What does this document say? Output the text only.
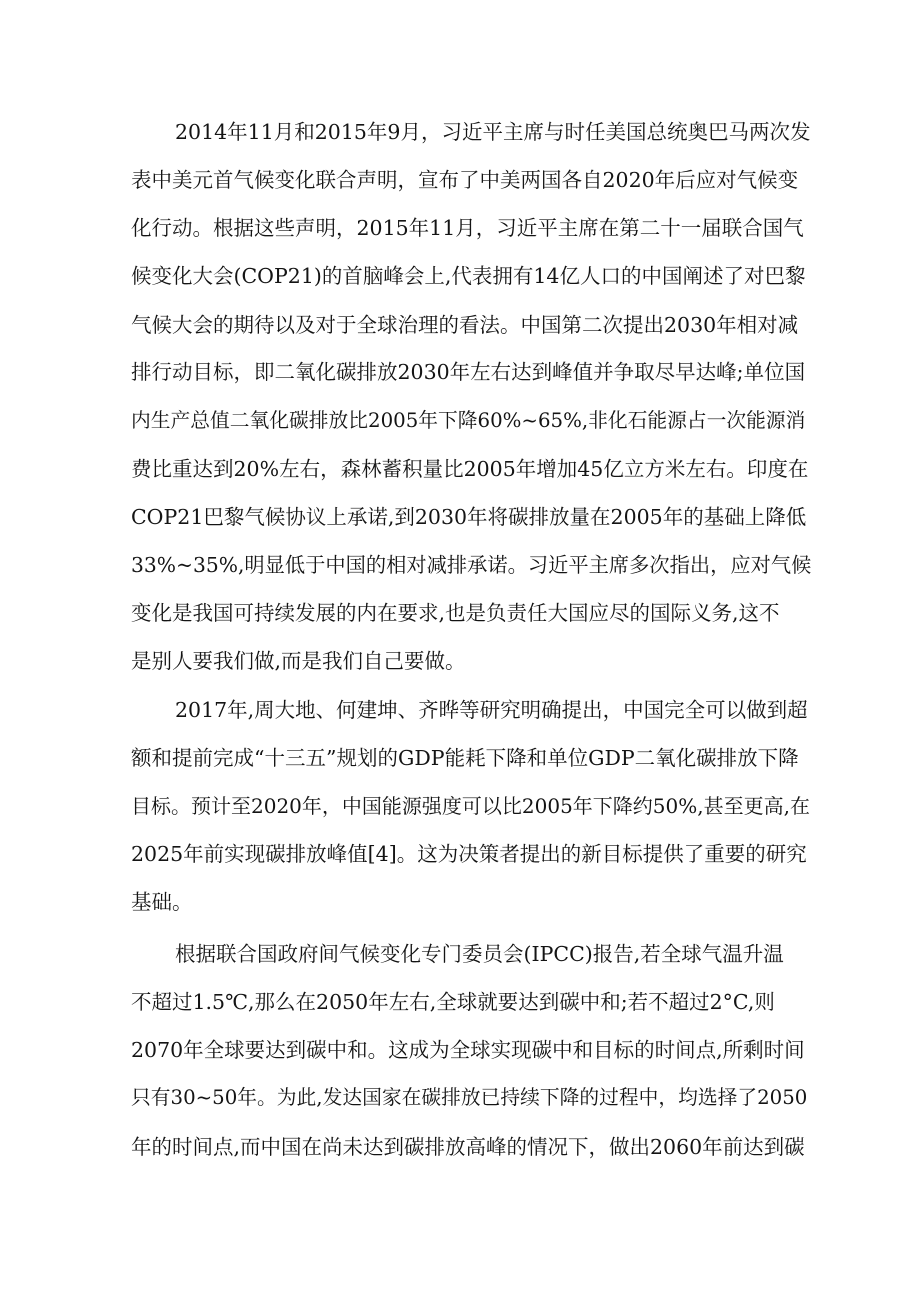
2014年11月和2015年9月，习近平主席与时任美国总统奥巴马两次发
表中美元首气候变化联合声明，宣布了中美两国各自2020年后应对气候变
化行动。根据这些声明，2015年11月，习近平主席在第二十一届联合国气
候变化大会(COP21)的首脑峰会上,代表拥有14亿人口的中国阐述了对巴黎
气候大会的期待以及对于全球治理的看法。中国第二次提出2030年相对减
排行动目标，即二氧化碳排放2030年左右达到峰值并争取尽早达峰;单位国
内生产总值二氧化碳排放比2005年下降60%~65%,非化石能源占一次能源消
费比重达到20%左右，森林蓄积量比2005年增加45亿立方米左右。印度在
COP21巴黎气候协议上承诺,到2030年将碳排放量在2005年的基础上降低
33%~35%,明显低于中国的相对减排承诺。习近平主席多次指出，应对气候
变化是我国可持续发展的内在要求,也是负责任大国应尽的国际义务,这不
是别人要我们做,而是我们自己要做。
2017年,周大地、何建坤、齐晔等研究明确提出，中国完全可以做到超
额和提前完成“十三五”规划的GDP能耗下降和单位GDP二氧化碳排放下降
目标。预计至2020年，中国能源强度可以比2005年下降约50%,甚至更高,在
2025年前实现碳排放峰值[4]。这为决策者提出的新目标提供了重要的研究
基础。
根据联合国政府间气候变化专门委员会(IPCC)报告,若全球气温升温
不超过1.5℃,那么在2050年左右,全球就要达到碳中和;若不超过2°C,则
2070年全球要达到碳中和。这成为全球实现碳中和目标的时间点,所剩时间
只有30~50年。为此,发达国家在碳排放已持续下降的过程中，均选择了2050
年的时间点,而中国在尚未达到碳排放高峰的情况下，做出2060年前达到碳
